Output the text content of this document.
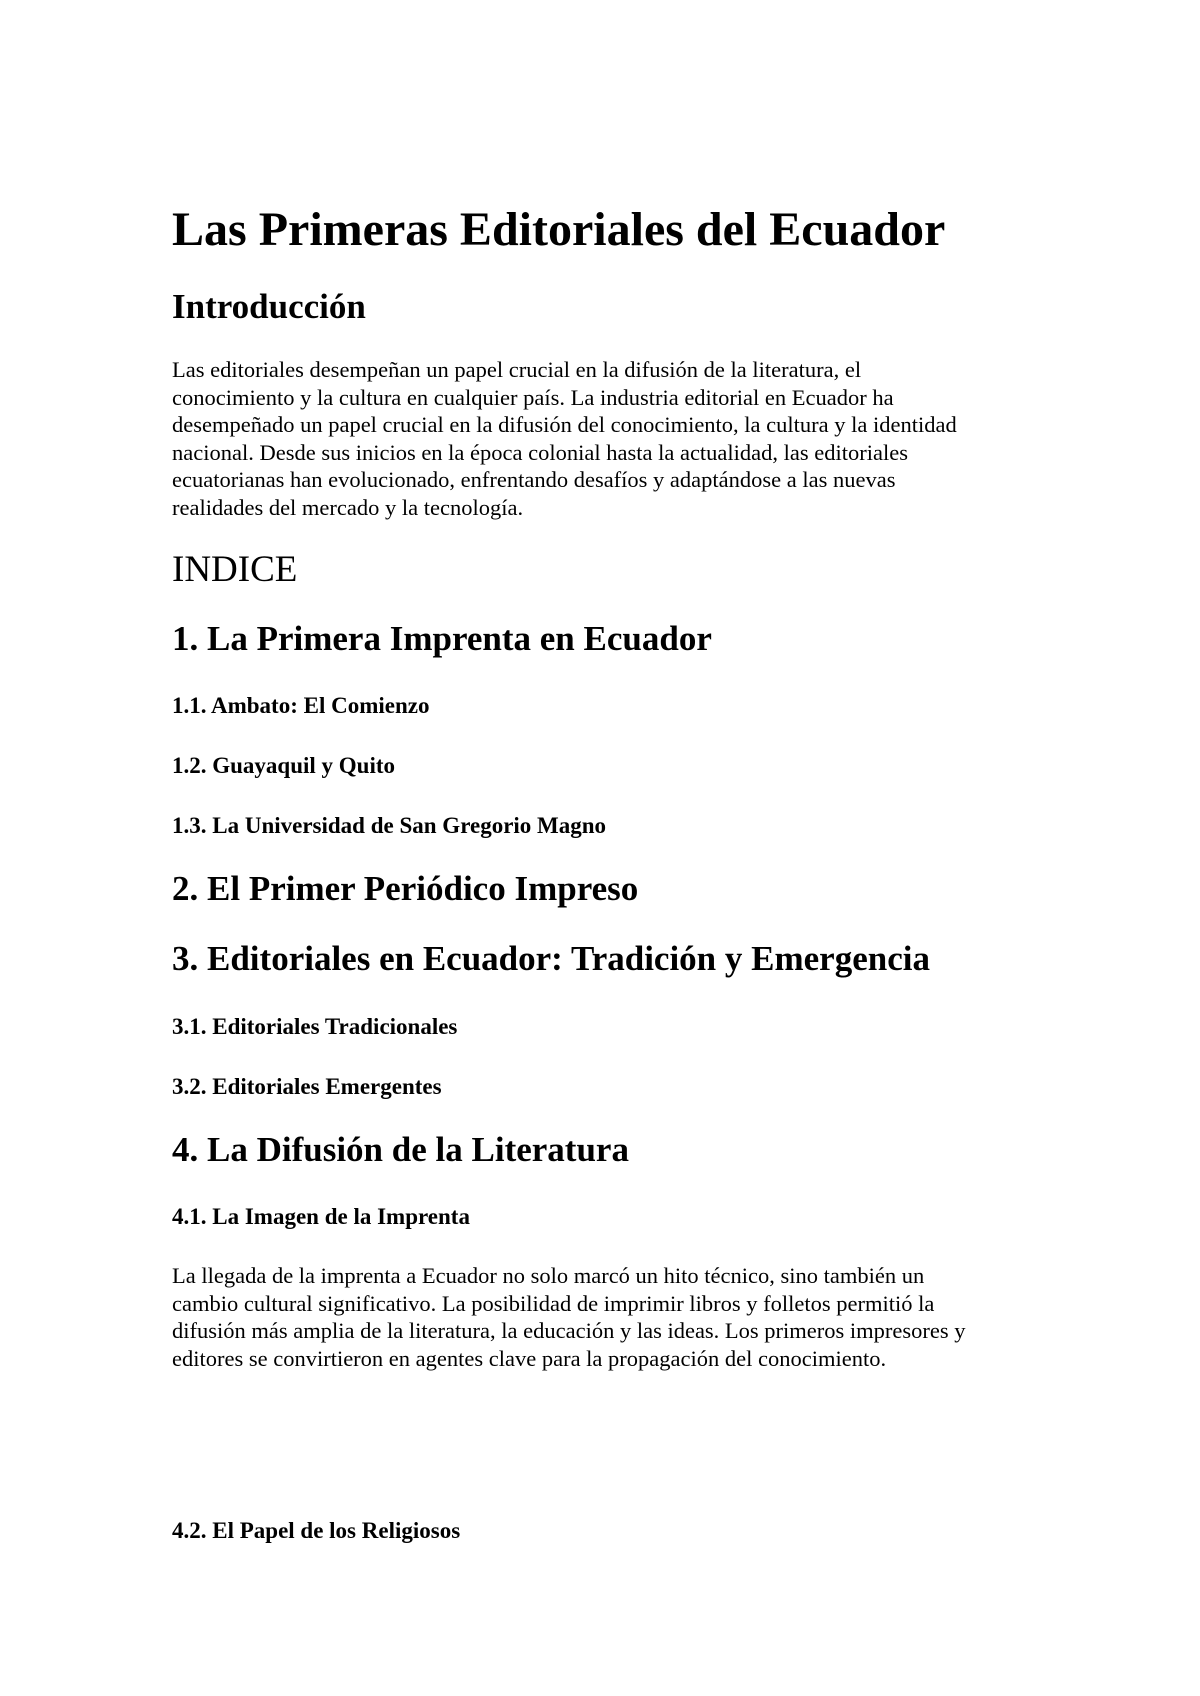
Las Primeras Editoriales del Ecuador
Introducción
Las editoriales desempeñan un papel crucial en la difusión de la literatura, el
conocimiento y la cultura en cualquier país. La industria editorial en Ecuador ha
desempeñado un papel crucial en la difusión del conocimiento, la cultura y la identidad
nacional. Desde sus inicios en la época colonial hasta la actualidad, las editoriales
ecuatorianas han evolucionado, enfrentando desafíos y adaptándose a las nuevas
realidades del mercado y la tecnología.
INDICE
1. La Primera Imprenta en Ecuador
1.1. Ambato: El Comienzo
1.2. Guayaquil y Quito
1.3. La Universidad de San Gregorio Magno
2. El Primer Periódico Impreso
3. Editoriales en Ecuador: Tradición y Emergencia
3.1. Editoriales Tradicionales
3.2. Editoriales Emergentes
4. La Difusión de la Literatura
4.1. La Imagen de la Imprenta
La llegada de la imprenta a Ecuador no solo marcó un hito técnico, sino también un
cambio cultural significativo. La posibilidad de imprimir libros y folletos permitió la
difusión más amplia de la literatura, la educación y las ideas. Los primeros impresores y
editores se convirtieron en agentes clave para la propagación del conocimiento.
4.2. El Papel de los Religiosos
